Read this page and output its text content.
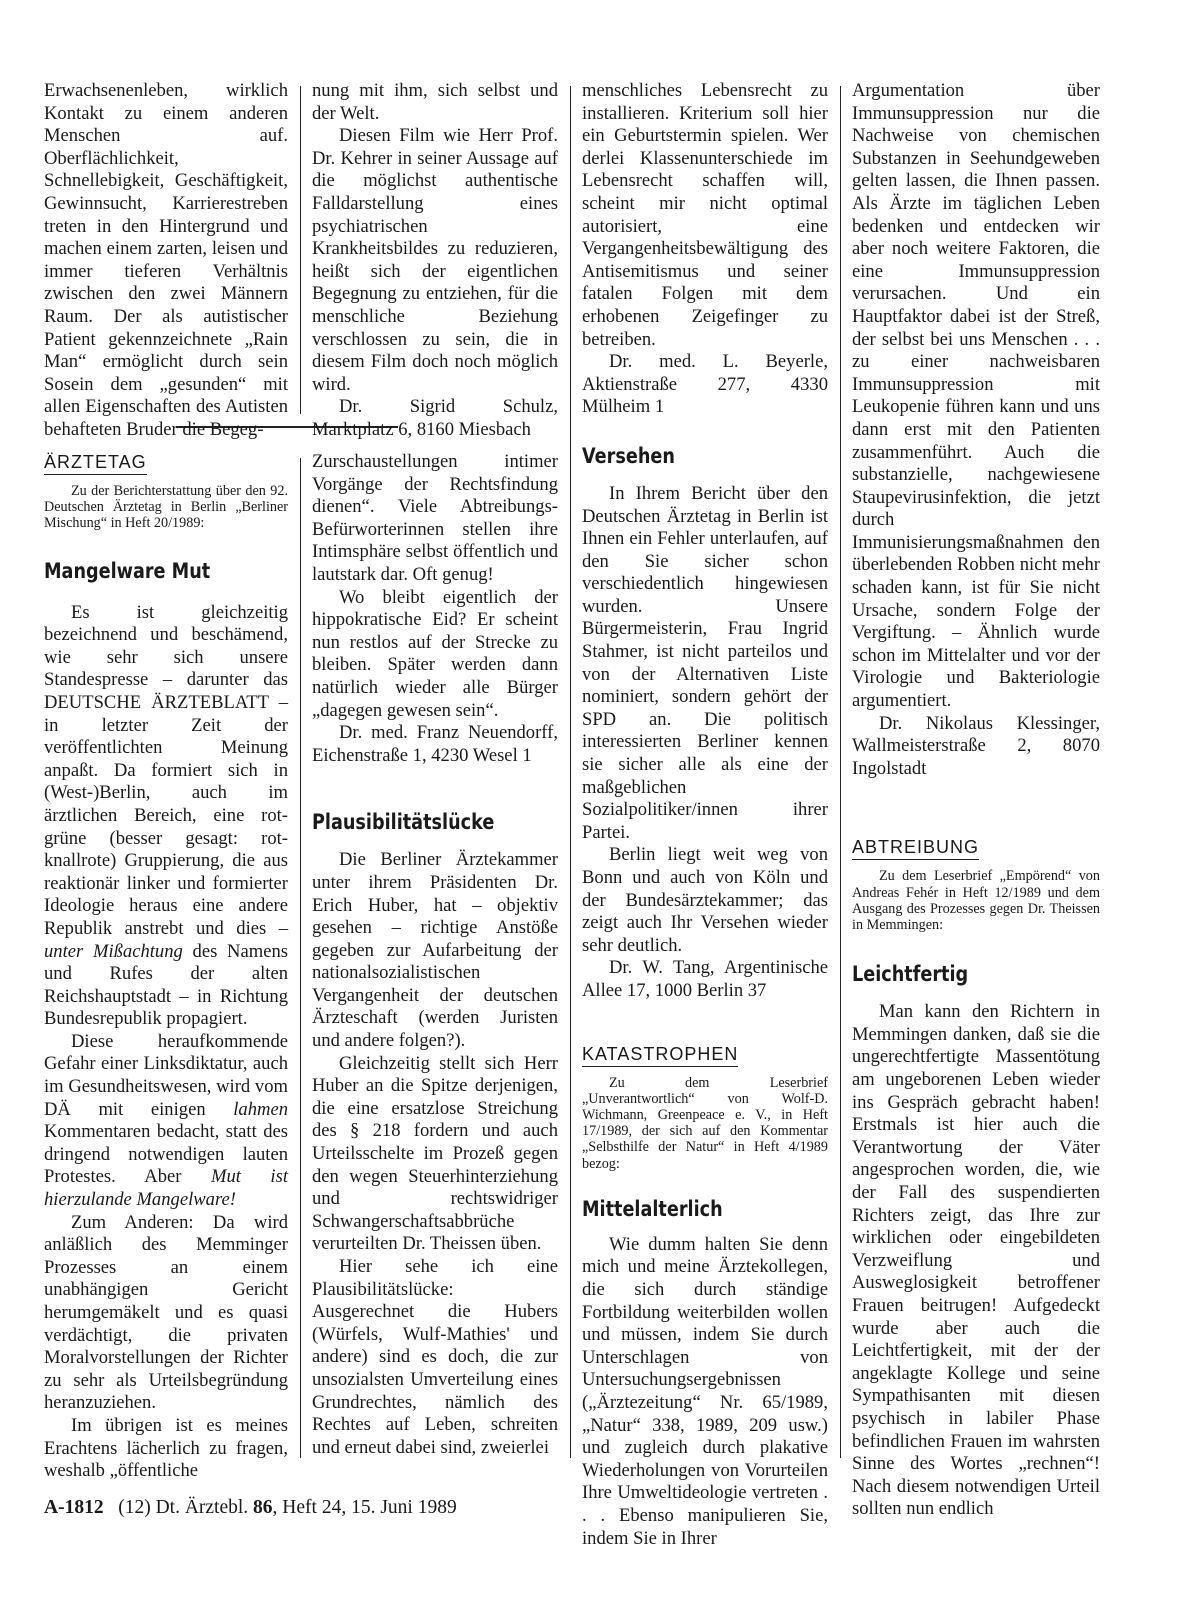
Erwachsenenleben, wirklich Kontakt zu einem anderen Menschen auf. Oberflächlichkeit, Schnellebigkeit, Geschäftigkeit, Gewinnsucht, Karrierestreben treten in den Hintergrund und machen einem zarten, leisen und immer tieferen Verhältnis zwischen den zwei Männern Raum. Der als autistischer Patient gekennzeichnete „Rain Man“ ermöglicht durch sein Sosein dem „gesunden“ mit allen Eigenschaften des Autisten behafteten Bruder die Begeg-

ÄRZTETAG

Zu der Berichterstattung über den 92. Deutschen Ärztetag in Berlin „Berliner Mischung“ in Heft 20/1989:

Mangelware Mut

Es ist gleichzeitig bezeichnend und beschämend, wie sehr sich unsere Standespresse – darunter das DEUTSCHE ÄRZTEBLATT – in letzter Zeit der veröffentlichten Meinung anpaßt. Da formiert sich in (West-)Berlin, auch im ärztlichen Bereich, eine rot-grüne (besser gesagt: rot-knallrote) Gruppierung, die aus reaktionär linker und formierter Ideologie heraus eine andere Republik anstrebt und dies – unter Mißachtung des Namens und Rufes der alten Reichshauptstadt – in Richtung Bundesrepublik propagiert.

Diese heraufkommende Gefahr einer Linksdiktatur, auch im Gesundheitswesen, wird vom DÄ mit einigen lahmen Kommentaren bedacht, statt des dringend notwendigen lauten Protestes. Aber Mut ist hierzulande Mangelware!

Zum Anderen: Da wird anläßlich des Memminger Prozesses an einem unabhängigen Gericht herumgemäkelt und es quasi verdächtigt, die privaten Moralvorstellungen der Richter zu sehr als Urteilsbegründung heranzuziehen.

Im übrigen ist es meines Erachtens lächerlich zu fragen, weshalb „öffentliche

nung mit ihm, sich selbst und der Welt.

Diesen Film wie Herr Prof. Dr. Kehrer in seiner Aussage auf die möglichst authentische Falldarstellung eines psychiatrischen Krankheitsbildes zu reduzieren, heißt sich der eigentlichen Begegnung zu entziehen, für die menschliche Beziehung verschlossen zu sein, die in diesem Film doch noch möglich wird.

Dr. Sigrid Schulz, Marktplatz 6, 8160 Miesbach

Zurschaustellungen intimer Vorgänge der Rechtsfindung dienen“. Viele Abtreibungs-Befürworterinnen stellen ihre Intimsphäre selbst öffentlich und lautstark dar. Oft genug!

Wo bleibt eigentlich der hippokratische Eid? Er scheint nun restlos auf der Strecke zu bleiben. Später werden dann natürlich wieder alle Bürger „dagegen gewesen sein“.

Dr. med. Franz Neuendorff, Eichenstraße 1, 4230 Wesel 1

Plausibilitätslücke

Die Berliner Ärztekammer unter ihrem Präsidenten Dr. Erich Huber, hat – objektiv gesehen – richtige Anstöße gegeben zur Aufarbeitung der nationalsozialistischen Vergangenheit der deutschen Ärzteschaft (werden Juristen und andere folgen?).

Gleichzeitig stellt sich Herr Huber an die Spitze derjenigen, die eine ersatzlose Streichung des § 218 fordern und auch Urteilsschelte im Prozeß gegen den wegen Steuerhinterziehung und rechtswidriger Schwangerschaftsabbrüche verurteilten Dr. Theissen üben.

Hier sehe ich eine Plausibilitätslücke: Ausgerechnet die Hubers (Würfels, Wulf-Mathies' und andere) sind es doch, die zur unsozialsten Umverteilung eines Grundrechtes, nämlich des Rechtes auf Leben, schreiten und erneut dabei sind, zweierlei

menschliches Lebensrecht zu installieren. Kriterium soll hier ein Geburtstermin spielen. Wer derlei Klassenunterschiede im Lebensrecht schaffen will, scheint mir nicht optimal autorisiert, eine Vergangenheitsbewältigung des Antisemitismus und seiner fatalen Folgen mit dem erhobenen Zeigefinger zu betreiben.

Dr. med. L. Beyerle, Aktienstraße 277, 4330 Mülheim 1

Versehen

In Ihrem Bericht über den Deutschen Ärztetag in Berlin ist Ihnen ein Fehler unterlaufen, auf den Sie sicher schon verschiedentlich hingewiesen wurden. Unsere Bürgermeisterin, Frau Ingrid Stahmer, ist nicht parteilos und von der Alternativen Liste nominiert, sondern gehört der SPD an. Die politisch interessierten Berliner kennen sie sicher alle als eine der maßgeblichen Sozialpolitiker/innen ihrer Partei.

Berlin liegt weit weg von Bonn und auch von Köln und der Bundesärztekammer; das zeigt auch Ihr Versehen wieder sehr deutlich.

Dr. W. Tang, Argentinische Allee 17, 1000 Berlin 37

KATASTROPHEN

Zu dem Leserbrief „Unverantwortlich“ von Wolf-D. Wichmann, Greenpeace e. V., in Heft 17/1989, der sich auf den Kommentar „Selbsthilfe der Natur“ in Heft 4/1989 bezog:

Mittelalterlich

Wie dumm halten Sie denn mich und meine Ärztekollegen, die sich durch ständige Fortbildung weiterbilden wollen und müssen, indem Sie durch Unterschlagen von Untersuchungsergebnissen („Ärztezeitung“ Nr. 65/1989, „Natur“ 338, 1989, 209 usw.) und zugleich durch plakative Wiederholungen von Vorurteilen Ihre Umweltideologie vertreten . . . Ebenso manipulieren Sie, indem Sie in Ihrer

Argumentation über Immunsuppression nur die Nachweise von chemischen Substanzen in Seehundgeweben gelten lassen, die Ihnen passen. Als Ärzte im täglichen Leben bedenken und entdecken wir aber noch weitere Faktoren, die eine Immunsuppression verursachen. Und ein Hauptfaktor dabei ist der Streß, der selbst bei uns Menschen . . . zu einer nachweisbaren Immunsuppression mit Leukopenie führen kann und uns dann erst mit den Patienten zusammenführt. Auch die substanzielle, nachgewiesene Staupevirusinfektion, die jetzt durch Immunisierungsmaßnahmen den überlebenden Robben nicht mehr schaden kann, ist für Sie nicht Ursache, sondern Folge der Vergiftung. – Ähnlich wurde schon im Mittelalter und vor der Virologie und Bakteriologie argumentiert.

Dr. Nikolaus Klessinger, Wallmeisterstraße 2, 8070 Ingolstadt

ABTREIBUNG

Zu dem Leserbrief „Empörend“ von Andreas Fehér in Heft 12/1989 und dem Ausgang des Prozesses gegen Dr. Theissen in Memmingen:

Leichtfertig

Man kann den Richtern in Memmingen danken, daß sie die ungerechtfertigte Massentötung am ungeborenen Leben wieder ins Gespräch gebracht haben! Erstmals ist hier auch die Verantwortung der Väter angesprochen worden, die, wie der Fall des suspendierten Richters zeigt, das Ihre zur wirklichen oder eingebildeten Verzweiflung und Ausweglosigkeit betroffener Frauen beitrugen! Aufgedeckt wurde aber auch die Leichtfertigkeit, mit der der angeklagte Kollege und seine Sympathisanten mit diesen psychisch in labiler Phase befindlichen Frauen im wahrsten Sinne des Wortes „rechnen“! Nach diesem notwendigen Urteil sollten nun endlich

A-1812 (12) Dt. Ärztebl. 86, Heft 24, 15. Juni 1989
